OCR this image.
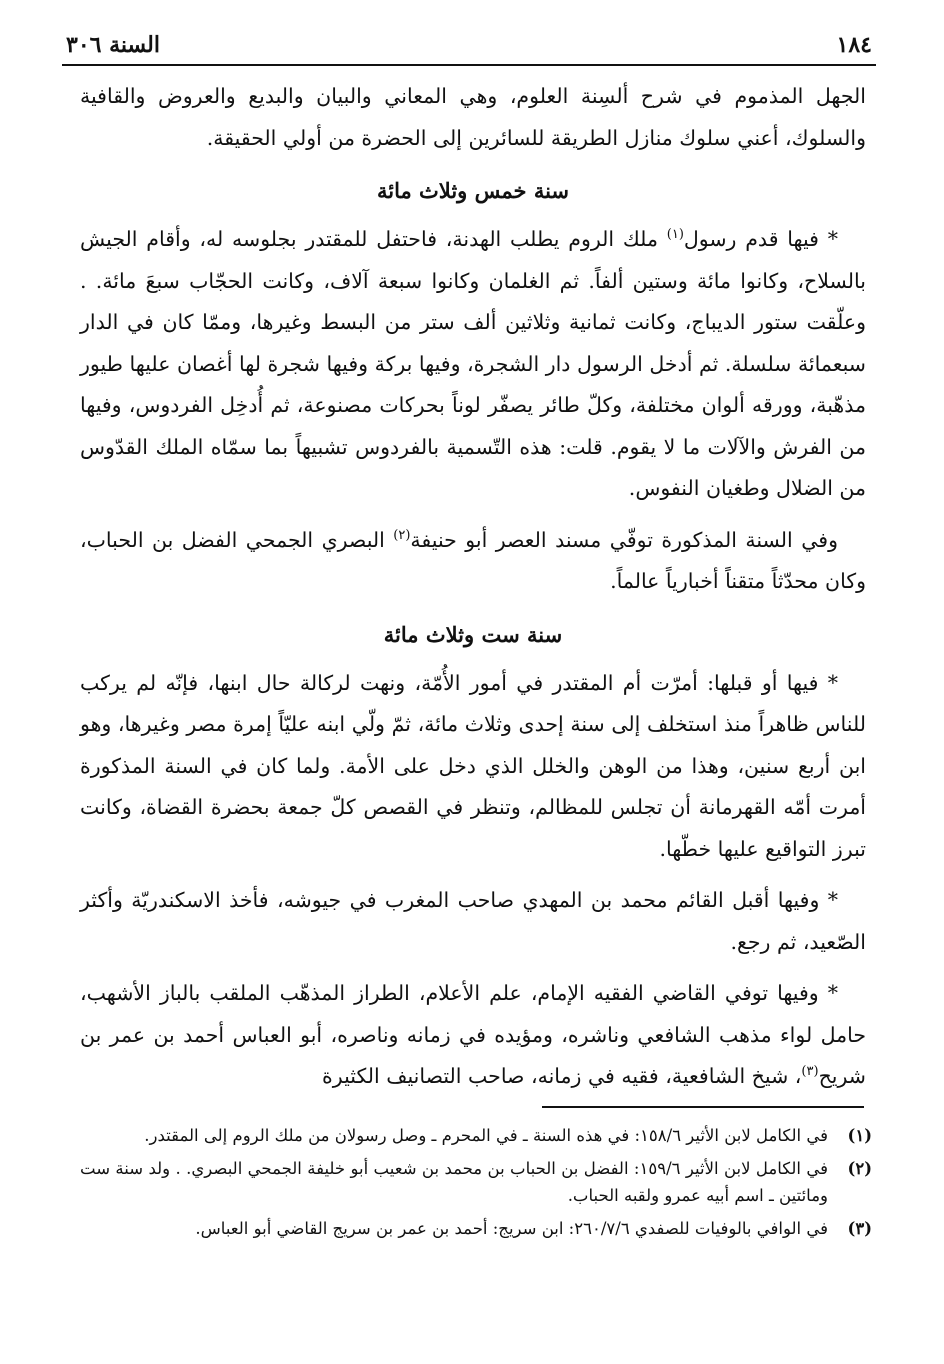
١٨٤
السنة ٣٠٦

الجهل المذموم في شرح ألسِنة العلوم، وهي المعاني والبيان والبديع والعروض والقافية والسلوك، أعني سلوك منازل الطريقة للسائرين إلى الحضرة من أولي الحقيقة.

سنة خمس وثلاث مائة

* فيها قدم رسول$^{(١)}$ ملك الروم يطلب الهدنة، فاحتفل للمقتدر بجلوسه له، وأقام الجيش بالسلاح، وكانوا مائة وستين ألفاً. ثم الغلمان وكانوا سبعة آلاف، وكانت الحجّاب سبعَ مائة. . وعلّقت ستور الديباج، وكانت ثمانية وثلاثين ألف ستر من البسط وغيرها، وممّا كان في الدار سبعمائة سلسلة. ثم أدخل الرسول دار الشجرة، وفيها بركة وفيها شجرة لها أغصان عليها طيور مذهّبة، وورقه ألوان مختلفة، وكلّ طائر يصفّر لوناً بحركات مصنوعة، ثم أُدخِل الفردوس، وفيها من الفرش والآلات ما لا يقوم. قلت: هذه التّسمية بالفردوس تشبيهاً بما سمّاه الملك القدّوس من الضلال وطغيان النفوس.

وفي السنة المذكورة توفّي مسند العصر أبو حنيفة$^{(٢)}$ البصري الجمحي الفضل بن الحباب، وكان محدّثاً متقناً أخبارياً عالماً.

سنة ست وثلاث مائة

* فيها أو قبلها: أمرّت أم المقتدر في أمور الأُمّة، ونهت لركالة حال ابنها، فإنّه لم يركب للناس ظاهراً منذ استخلف إلى سنة إحدى وثلاث مائة، ثمّ ولّي ابنه عليّاً إمرة مصر وغيرها، وهو ابن أربع سنين، وهذا من الوهن والخلل الذي دخل على الأمة. ولما كان في السنة المذكورة أمرت أمّه القهرمانة أن تجلس للمظالم، وتنظر في القصص كلّ جمعة بحضرة القضاة، وكانت تبرز التواقيع عليها خطّها.

* وفيها أقبل القائم محمد بن المهدي صاحب المغرب في جيوشه، فأخذ الاسكندريّة وأكثر الصّعيد، ثم رجع.

* وفيها توفي القاضي الفقيه الإمام، علم الأعلام، الطراز المذهّب الملقب بالباز الأشهب، حامل لواء مذهب الشافعي وناشره، ومؤيده في زمانه وناصره، أبو العباس أحمد بن عمر بن شريح$^{(٣)}$، شيخ الشافعية، فقيه في زمانه، صاحب التصانيف الكثيرة

(١)
في الكامل لابن الأثير ١٥٨/٦: في هذه السنة ـ في المحرم ـ وصل رسولان من ملك الروم إلى المقتدر.
(٢)
في الكامل لابن الأثير ١٥٩/٦: الفضل بن الحباب بن محمد بن شعيب أبو خليفة الجمحي البصري. . ولد سنة ست ومائتين ـ اسم أبيه عمرو ولقبه الحباب.
(٣)
في الوافي بالوفيات للصفدي ٢٦٠/٧/٦: ابن سريج: أحمد بن عمر بن سريج القاضي أبو العباس.
